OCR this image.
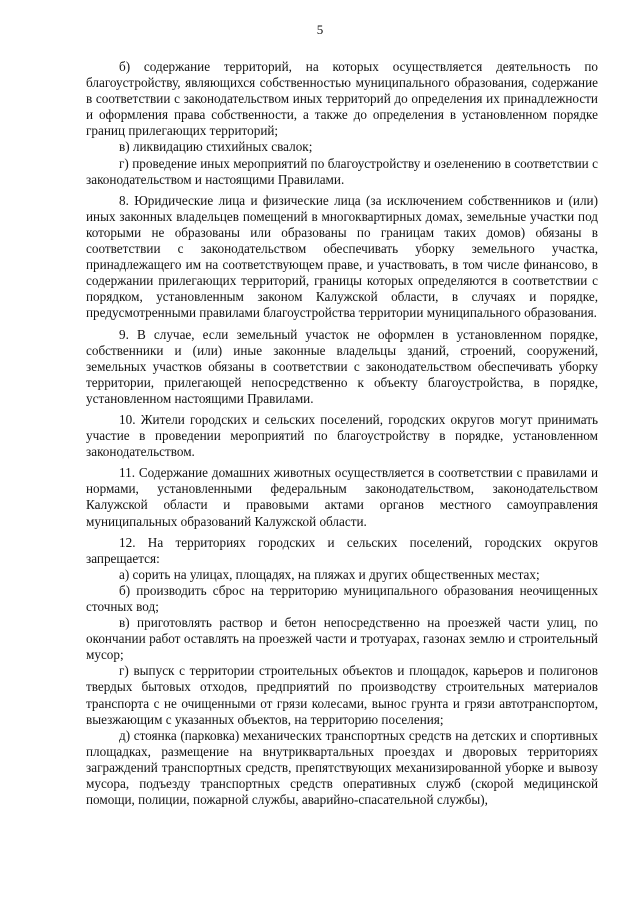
5

б) содержание территорий, на которых осуществляется деятельность по благоустройству, являющихся собственностью муниципального образования, содержание в соответствии с законодательством иных территорий до определения их принадлежности и оформления права собственности, а также до определения в установленном порядке границ прилегающих территорий;

в) ликвидацию стихийных свалок;

г) проведение иных мероприятий по благоустройству и озеленению в соответствии с законодательством и настоящими Правилами.

8. Юридические лица и физические лица (за исключением собственников и (или) иных законных владельцев помещений в многоквартирных домах, земельные участки под которыми не образованы или образованы по границам таких домов) обязаны в соответствии с законодательством обеспечивать уборку земельного участка, принадлежащего им на соответствующем праве, и участвовать, в том числе финансово, в содержании прилегающих территорий, границы которых определяются в соответствии с порядком, установленным законом Калужской области, в случаях и порядке, предусмотренными правилами благоустройства территории муниципального образования.

9. В случае, если земельный участок не оформлен в установленном порядке, собственники и (или) иные законные владельцы зданий, строений, сооружений, земельных участков обязаны в соответствии с законодательством обеспечивать уборку территории, прилегающей непосредственно к объекту благоустройства, в порядке, установленном настоящими Правилами.

10. Жители городских и сельских поселений, городских округов могут принимать участие в проведении мероприятий по благоустройству в порядке, установленном законодательством.

11. Содержание домашних животных осуществляется в соответствии с правилами и нормами, установленными федеральным законодательством, законодательством Калужской области и правовыми актами органов местного самоуправления муниципальных образований Калужской области.

12. На территориях городских и сельских поселений, городских округов запрещается:

а) сорить на улицах, площадях, на пляжах и других общественных местах;

б) производить сброс на территорию муниципального образования неочищенных сточных вод;

в) приготовлять раствор и бетон непосредственно на проезжей части улиц, по окончании работ оставлять на проезжей части и тротуарах, газонах землю и строительный мусор;

г) выпуск с территории строительных объектов и площадок, карьеров и полигонов твердых бытовых отходов, предприятий по производству строительных материалов транспорта с не очищенными от грязи колесами, вынос грунта и грязи автотранспортом, выезжающим с указанных объектов, на территорию поселения;

д) стоянка (парковка) механических транспортных средств на детских и спортивных площадках, размещение на внутриквартальных проездах и дворовых территориях заграждений транспортных средств, препятствующих механизированной уборке и вывозу мусора, подъезду транспортных средств оперативных служб (скорой медицинской помощи, полиции, пожарной службы, аварийно-спасательной службы),
